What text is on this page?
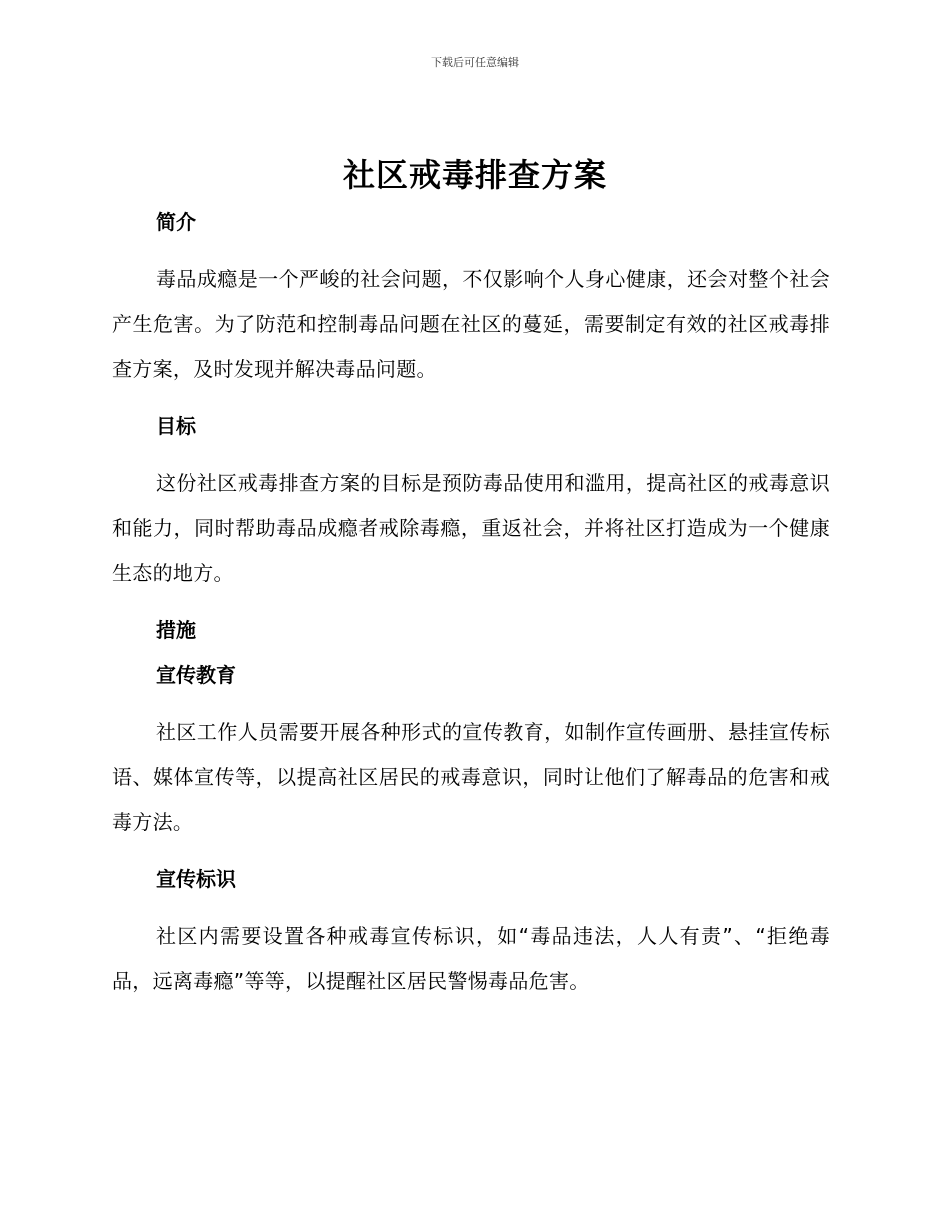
下载后可任意编辑
社区戒毒排查方案
简介

毒品成瘾是一个严峻的社会问题，不仅影响个人身心健康，还会对整个社会产生危害。为了防范和控制毒品问题在社区的蔓延，需要制定有效的社区戒毒排查方案，及时发现并解决毒品问题。

目标

这份社区戒毒排查方案的目标是预防毒品使用和滥用，提高社区的戒毒意识和能力，同时帮助毒品成瘾者戒除毒瘾，重返社会，并将社区打造成为一个健康生态的地方。

措施
宣传教育

社区工作人员需要开展各种形式的宣传教育，如制作宣传画册、悬挂宣传标语、媒体宣传等，以提高社区居民的戒毒意识，同时让他们了解毒品的危害和戒毒方法。

宣传标识

社区内需要设置各种戒毒宣传标识，如“毒品违法，人人有责”、“拒绝毒品，远离毒瘾”等等，以提醒社区居民警惕毒品危害。
